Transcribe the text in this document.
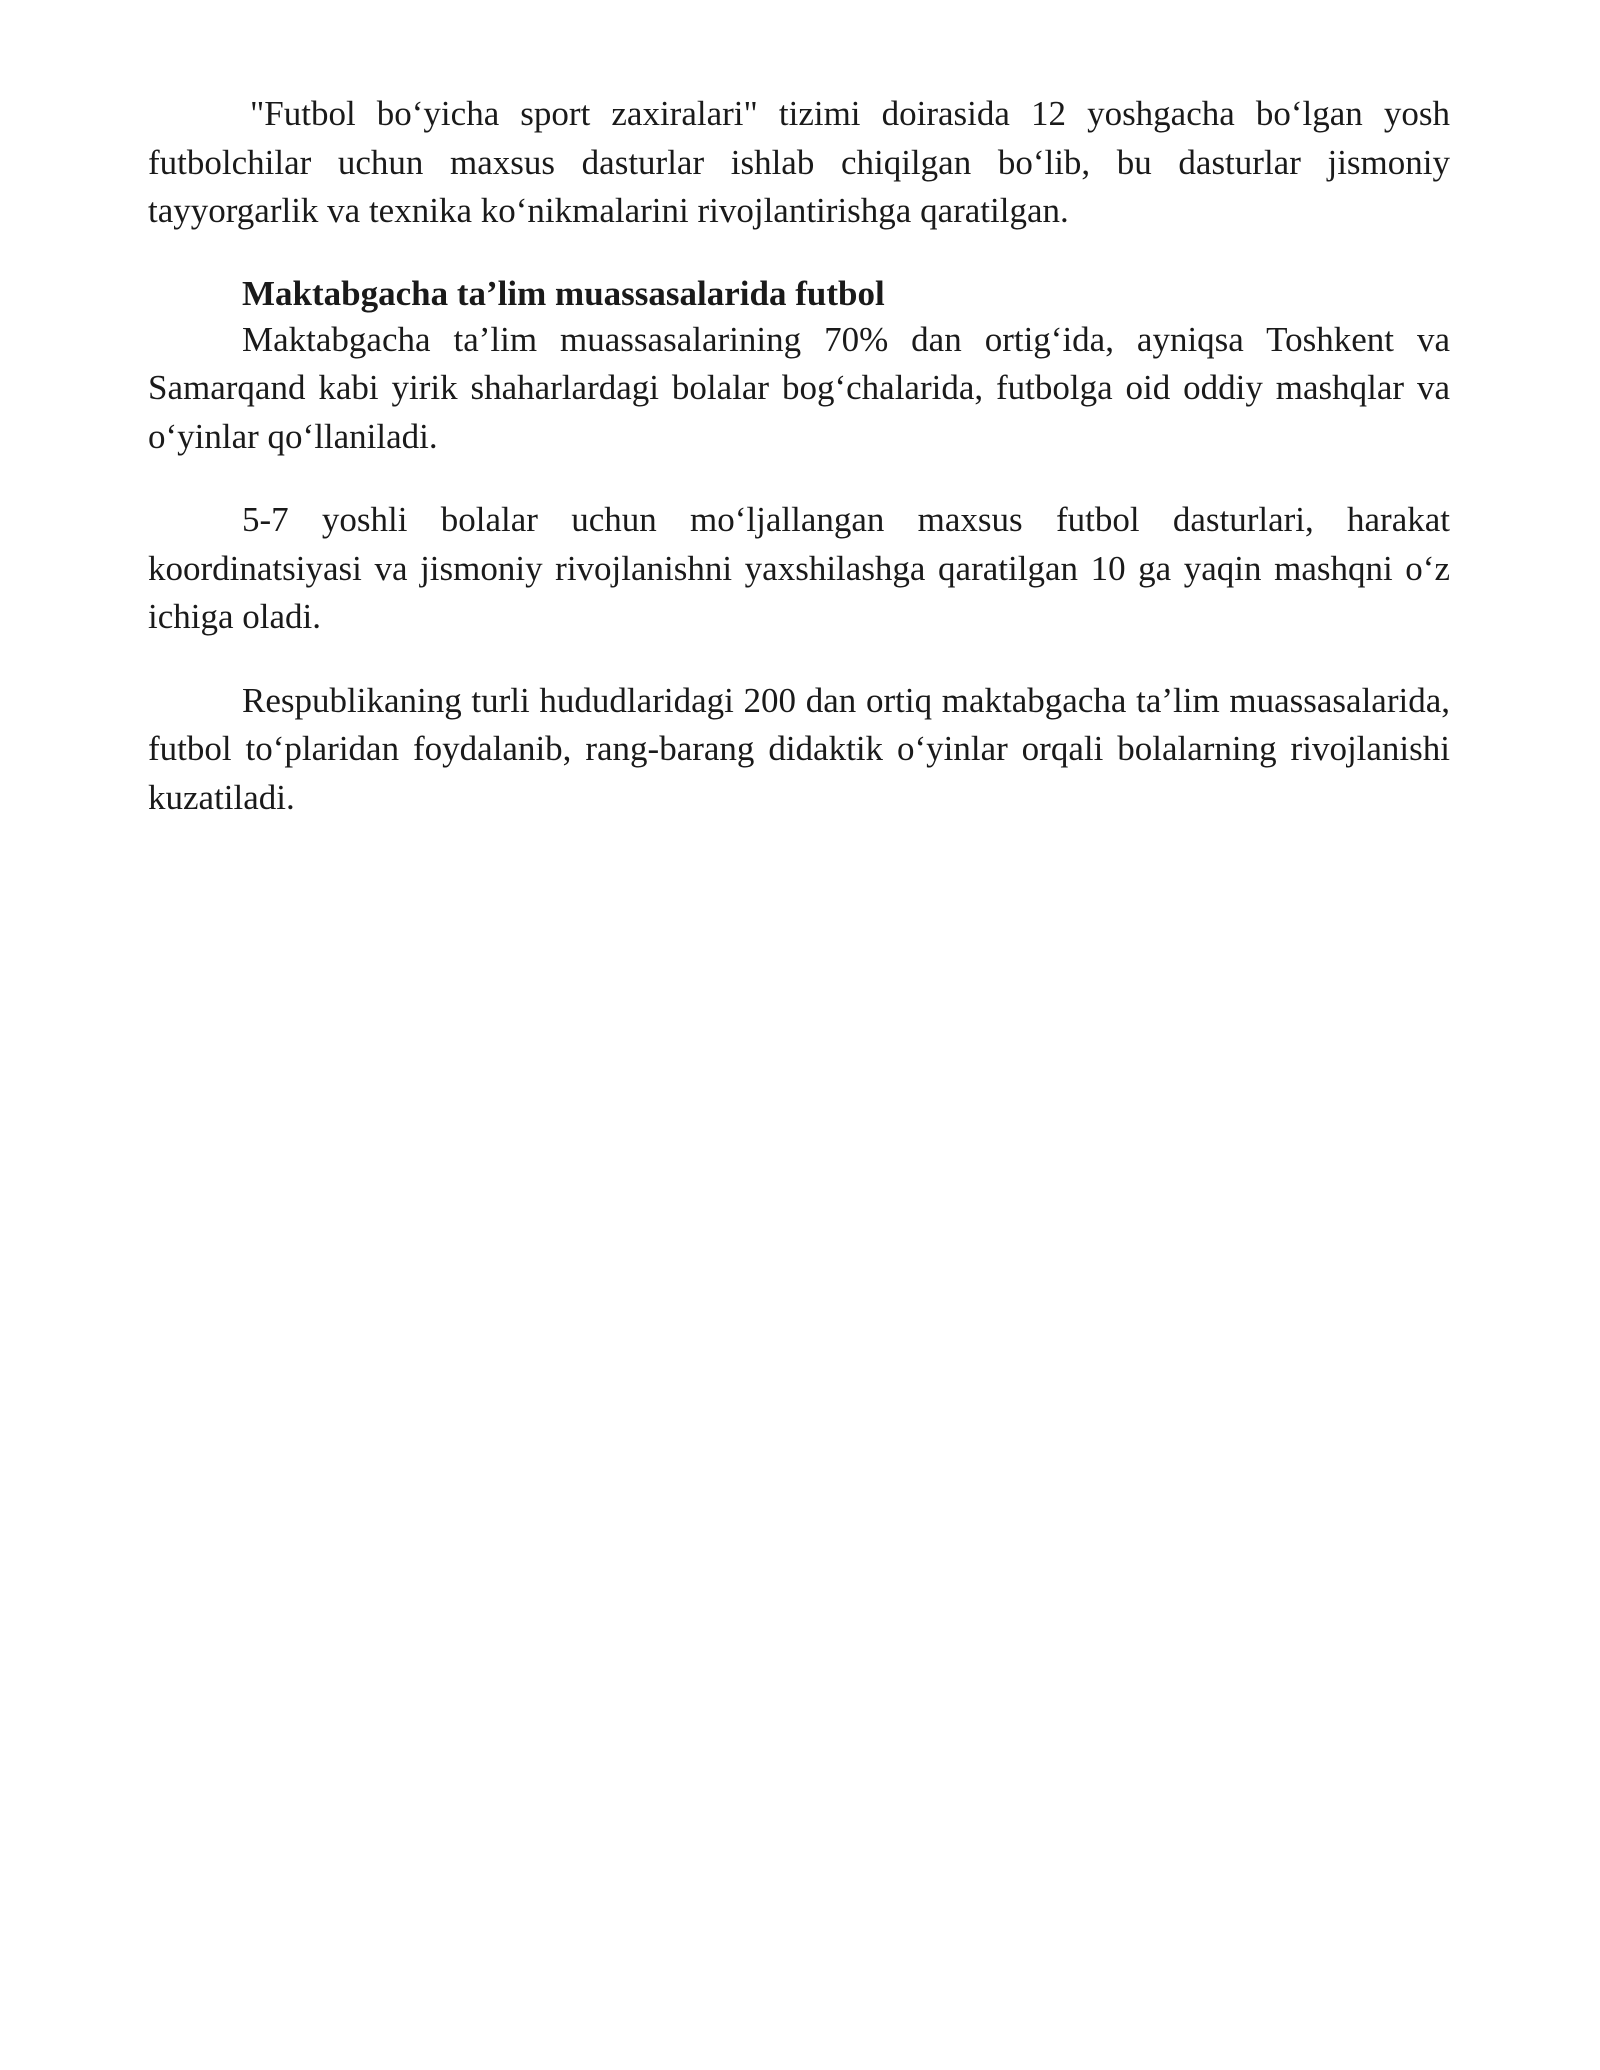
"Futbol bo‘yicha sport zaxiralari" tizimi doirasida 12 yoshgacha bo‘lgan yosh futbolchilar uchun maxsus dasturlar ishlab chiqilgan bo‘lib, bu dasturlar jismoniy tayyorgarlik va texnika ko‘nikmalarini rivojlantirishga qaratilgan.

Maktabgacha ta’lim muassasalarida futbol

Maktabgacha ta’lim muassasalarining 70% dan ortig‘ida, ayniqsa Toshkent va Samarqand kabi yirik shaharlardagi bolalar bog‘chalarida, futbolga oid oddiy mashqlar va o‘yinlar qo‘llaniladi.

5-7 yoshli bolalar uchun mo‘ljallangan maxsus futbol dasturlari, harakat koordinatsiyasi va jismoniy rivojlanishni yaxshilashga qaratilgan 10 ga yaqin mashqni o‘z ichiga oladi.

Respublikaning turli hududlaridagi 200 dan ortiq maktabgacha ta’lim muassasalarida, futbol to‘plaridan foydalanib, rang-barang didaktik o‘yinlar orqali bolalarning rivojlanishi kuzatiladi.
